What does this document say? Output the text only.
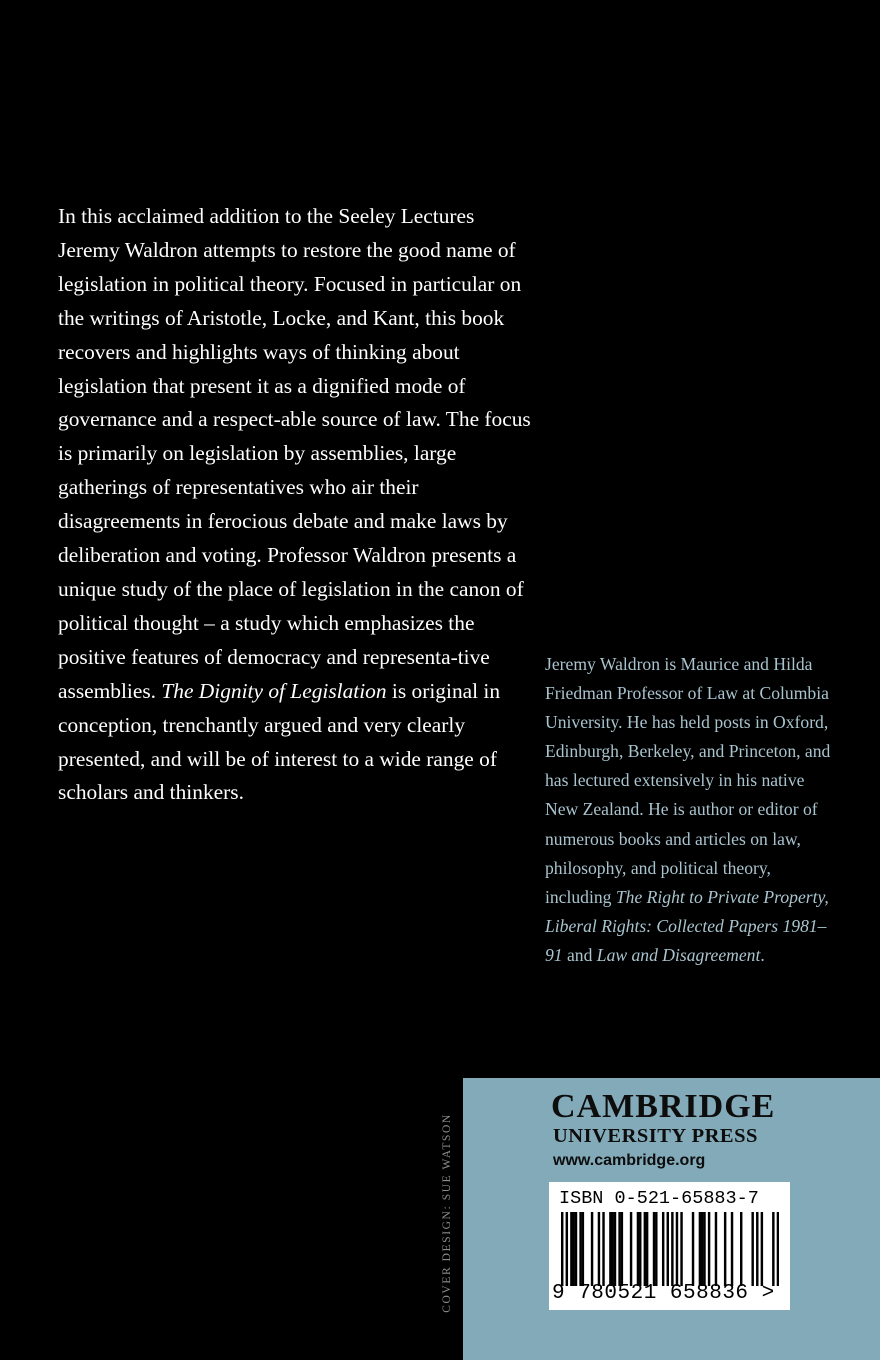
In this acclaimed addition to the Seeley Lectures Jeremy Waldron attempts to restore the good name of legislation in political theory. Focused in particular on the writings of Aristotle, Locke, and Kant, this book recovers and highlights ways of thinking about legislation that present it as a dignified mode of governance and a respect-able source of law. The focus is primarily on legislation by assemblies, large gatherings of representatives who air their disagreements in ferocious debate and make laws by deliberation and voting. Professor Waldron presents a unique study of the place of legislation in the canon of political thought – a study which emphasizes the positive features of democracy and representa-tive assemblies. The Dignity of Legislation is original in conception, trenchantly argued and very clearly presented, and will be of interest to a wide range of scholars and thinkers.

Jeremy Waldron is Maurice and Hilda Friedman Professor of Law at Columbia University. He has held posts in Oxford, Edinburgh, Berkeley, and Princeton, and has lectured extensively in his native New Zealand. He is author or editor of numerous books and articles on law, philosophy, and political theory, including The Right to Private Property, Liberal Rights: Collected Papers 1981–91 and Law and Disagreement.

COVER DESIGN: SUE WATSON
CAMBRIDGE
UNIVERSITY PRESS
www.cambridge.org
ISBN 0-521-65883-7
9 780521 658836 >
